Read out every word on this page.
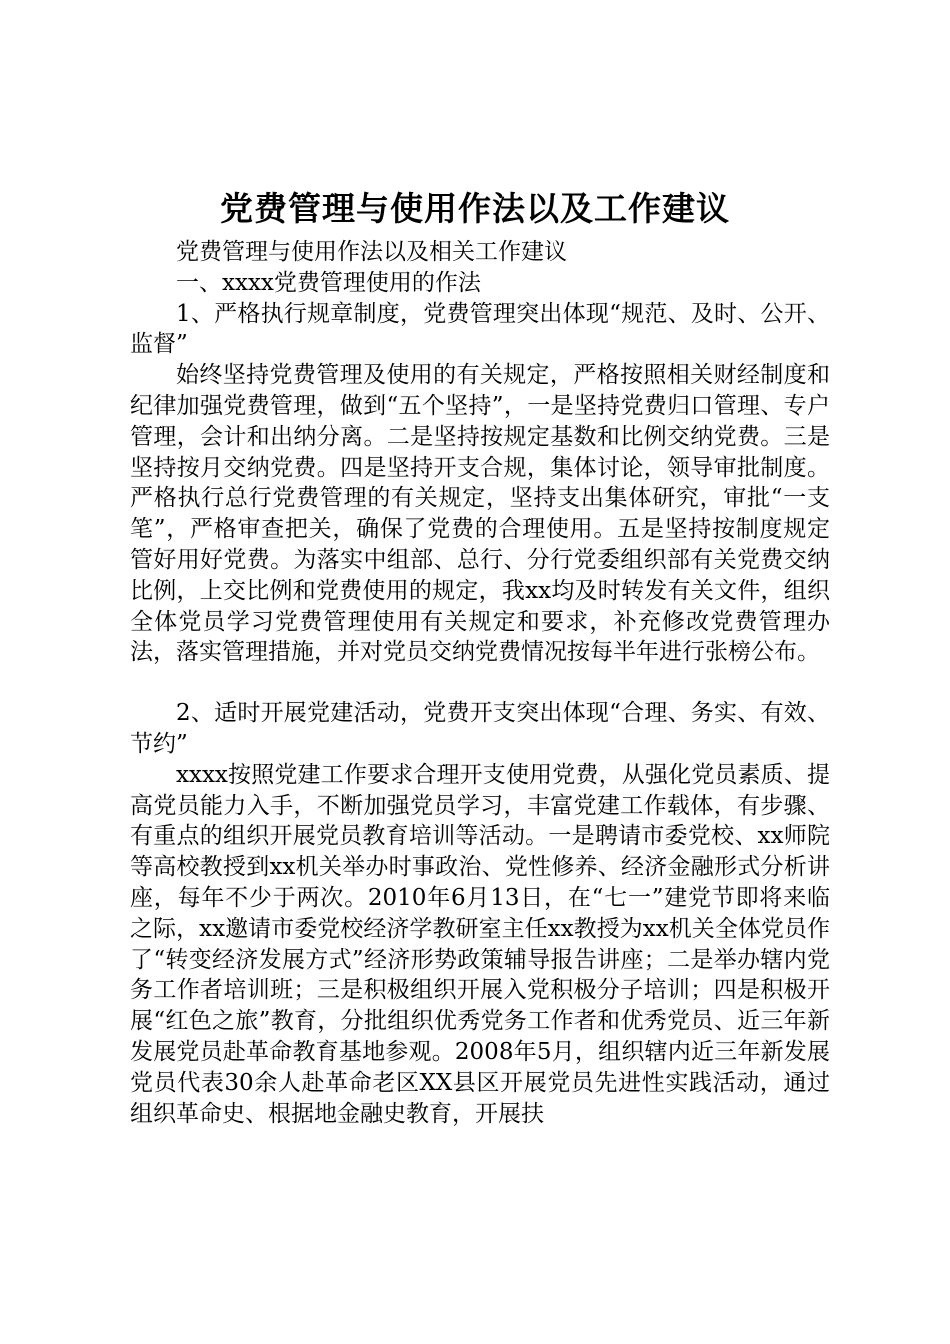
党费管理与使用作法以及工作建议

党费管理与使用作法以及相关工作建议

一、xxxx党费管理使用的作法

1、严格执行规章制度，党费管理突出体现“规范、及时、公开、监督”

始终坚持党费管理及使用的有关规定，严格按照相关财经制度和纪律加强党费管理，做到“五个坚持”，一是坚持党费归口管理、专户管理，会计和出纳分离。二是坚持按规定基数和比例交纳党费。三是坚持按月交纳党费。四是坚持开支合规，集体讨论，领导审批制度。严格执行总行党费管理的有关规定，坚持支出集体研究，审批“一支笔”，严格审查把关，确保了党费的合理使用。五是坚持按制度规定管好用好党费。为落实中组部、总行、分行党委组织部有关党费交纳比例，上交比例和党费使用的规定，我xx均及时转发有关文件，组织全体党员学习党费管理使用有关规定和要求，补充修改党费管理办法，落实管理措施，并对党员交纳党费情况按每半年进行张榜公布。

2、适时开展党建活动，党费开支突出体现“合理、务实、有效、节约”

xxxx按照党建工作要求合理开支使用党费，从强化党员素质、提高党员能力入手，不断加强党员学习，丰富党建工作载体，有步骤、有重点的组织开展党员教育培训等活动。一是聘请市委党校、xx师院等高校教授到xx机关举办时事政治、党性修养、经济金融形式分析讲座，每年不少于两次。2010年6月13日，在“七一”建党节即将来临之际，xx邀请市委党校经济学教研室主任xx教授为xx机关全体党员作了“转变经济发展方式”经济形势政策辅导报告讲座；二是举办辖内党务工作者培训班；三是积极组织开展入党积极分子培训；四是积极开展“红色之旅”教育，分批组织优秀党务工作者和优秀党员、近三年新发展党员赴革命教育基地参观。2008年5月，组织辖内近三年新发展党员代表30余人赴革命老区XX县区开展党员先进性实践活动，通过组织革命史、根据地金融史教育，开展扶
